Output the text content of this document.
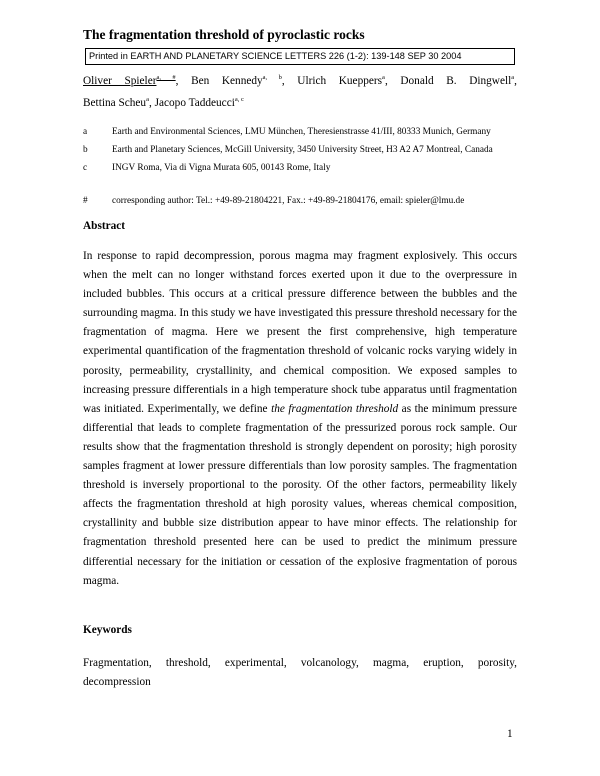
The fragmentation threshold of pyroclastic rocks
Printed in EARTH AND PLANETARY SCIENCE LETTERS 226 (1-2): 139-148 SEP 30 2004
Oliver Spieler$^{a, \#}$, Ben Kennedy$^{a, b}$, Ulrich Kueppers$^a$, Donald B. Dingwell$^a$,
Bettina Scheu$^a$, Jacopo Taddeucci$^{a, c}$
a	Earth and Environmental Sciences, LMU München, Theresienstrasse 41/III, 80333 Munich, Germany
b	Earth and Planetary Sciences, McGill University, 3450 University Street, H3 A2 A7 Montreal, Canada
c	INGV Roma, Via di Vigna Murata 605, 00143 Rome, Italy
#	corresponding author: Tel.: +49-89-21804221, Fax.: +49-89-21804176, email: spieler@lmu.de
Abstract

In response to rapid decompression, porous magma may fragment explosively. This occurs when the melt can no longer withstand forces exerted upon it due to the overpressure in included bubbles. This occurs at a critical pressure difference between the bubbles and the surrounding magma. In this study we have investigated this pressure threshold necessary for the fragmentation of magma. Here we present the first comprehensive, high temperature experimental quantification of the fragmentation threshold of volcanic rocks varying widely in porosity, permeability, crystallinity, and chemical composition. We exposed samples to increasing pressure differentials in a high temperature shock tube apparatus until fragmentation was initiated. Experimentally, we define the fragmentation threshold as the minimum pressure differential that leads to complete fragmentation of the pressurized porous rock sample. Our results show that the fragmentation threshold is strongly dependent on porosity; high porosity samples fragment at lower pressure differentials than low porosity samples. The fragmentation threshold is inversely proportional to the porosity. Of the other factors, permeability likely affects the fragmentation threshold at high porosity values, whereas chemical composition, crystallinity and bubble size distribution appear to have minor effects. The relationship for fragmentation threshold presented here can be used to predict the minimum pressure differential necessary for the initiation or cessation of the explosive fragmentation of porous magma.

Keywords
Fragmentation, threshold, experimental, volcanology, magma, eruption, porosity, decompression
1
